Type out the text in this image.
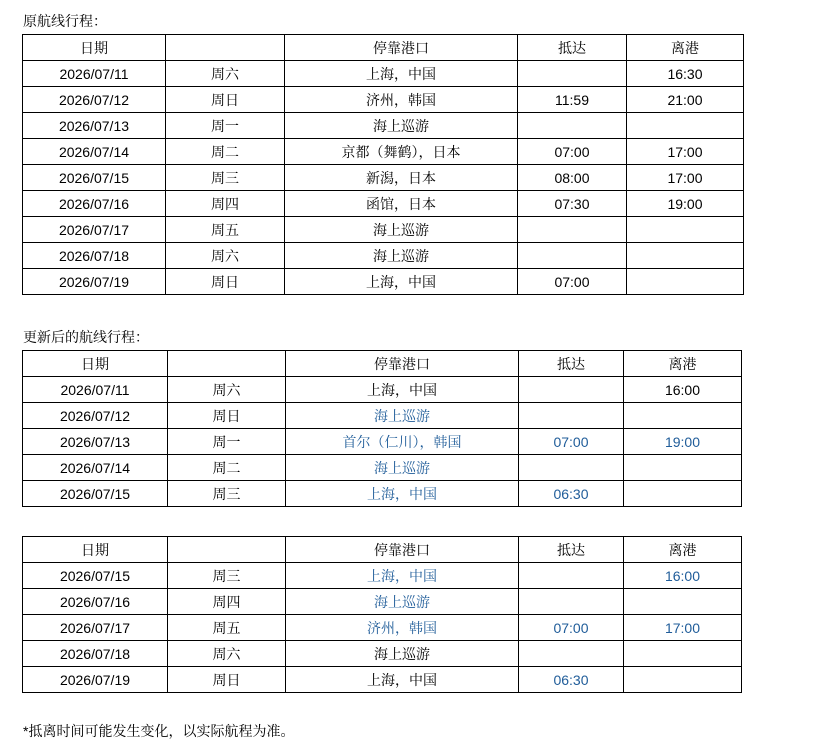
原航线行程：
日期		停靠港口	抵达	离港
2026/07/11	周六	上海，中国		16:30
2026/07/12	周日	济州，韩国	11:59	21:00
2026/07/13	周一	海上巡游		
2026/07/14	周二	京都（舞鹤），日本	07:00	17:00
2026/07/15	周三	新潟，日本	08:00	17:00
2026/07/16	周四	函馆，日本	07:30	19:00
2026/07/17	周五	海上巡游		
2026/07/18	周六	海上巡游		
2026/07/19	周日	上海，中国	07:00	
更新后的航线行程：
日期		停靠港口	抵达	离港
2026/07/11	周六	上海，中国		16:00
2026/07/12	周日	海上巡游		
2026/07/13	周一	首尔（仁川），韩国	07:00	19:00
2026/07/14	周二	海上巡游		
2026/07/15	周三	上海，中国	06:30	
日期		停靠港口	抵达	离港
2026/07/15	周三	上海，中国		16:00
2026/07/16	周四	海上巡游		
2026/07/17	周五	济州，韩国	07:00	17:00
2026/07/18	周六	海上巡游		
2026/07/19	周日	上海，中国	06:30	
*抵离时间可能发生变化，以实际航程为准。
